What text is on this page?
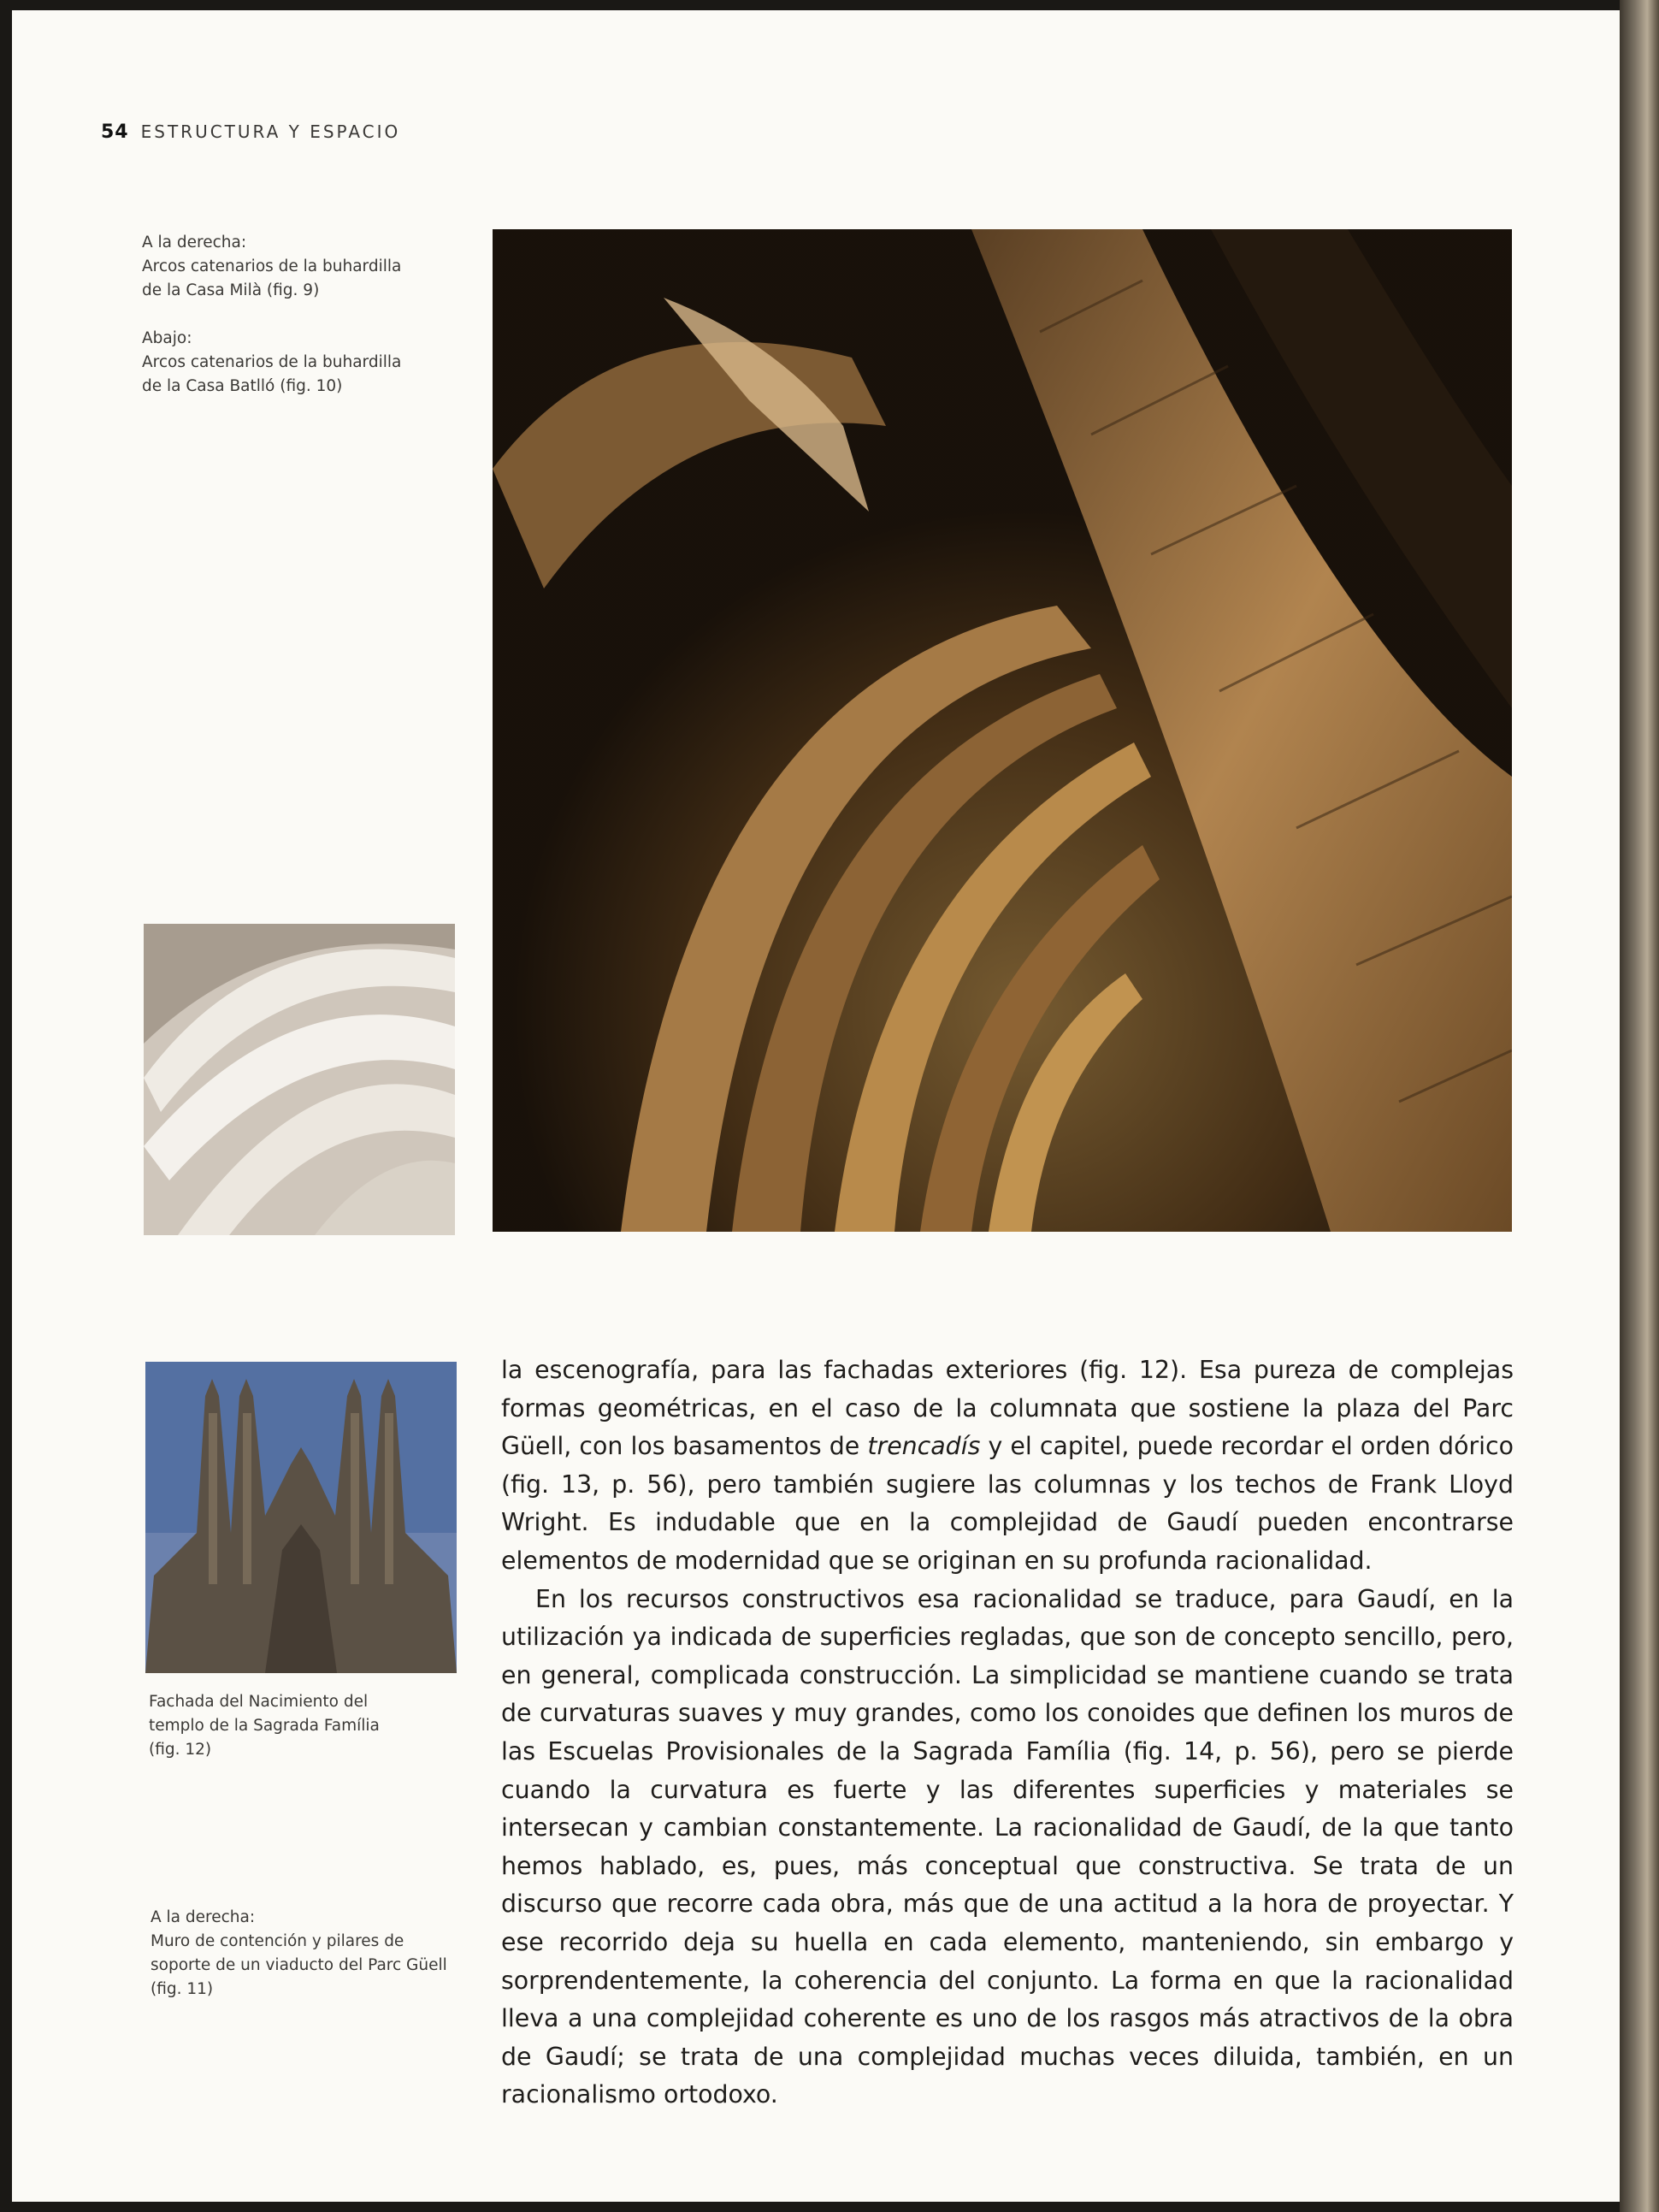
54 ESTRUCTURA Y ESPACIO
A la derecha:
Arcos catenarios de la buhardilla
de la Casa Milà (fig. 9)
Abajo:
Arcos catenarios de la buhardilla
de la Casa Batlló (fig. 10)
Fachada del Nacimiento del
templo de la Sagrada Família
(fig. 12)
A la derecha:
Muro de contención y pilares de
soporte de un viaducto del Parc Güell
(fig. 11)

la escenografía, para las fachadas exteriores (fig. 12). Esa pureza de complejas formas geométricas, en el caso de la columnata que sostiene la plaza del Parc Güell, con los basamentos de trencadís y el capitel, puede recordar el orden dórico (fig. 13, p. 56), pero también sugiere las columnas y los techos de Frank Lloyd Wright. Es indudable que en la complejidad de Gaudí pueden encontrarse elementos de modernidad que se originan en su profunda racionalidad.

En los recursos constructivos esa racionalidad se traduce, para Gaudí, en la utilización ya indicada de superficies regladas, que son de concepto sencillo, pero, en general, complicada construcción. La simplicidad se mantiene cuando se trata de curvaturas suaves y muy grandes, como los conoides que definen los muros de las Escuelas Provisionales de la Sagrada Família (fig. 14, p. 56), pero se pierde cuando la curvatura es fuerte y las diferentes superficies y materiales se intersecan y cambian constantemente. La racionalidad de Gaudí, de la que tanto hemos hablado, es, pues, más conceptual que constructiva. Se trata de un discurso que recorre cada obra, más que de una actitud a la hora de proyectar. Y ese recorrido deja su huella en cada elemento, manteniendo, sin embargo y sorprendentemente, la coherencia del conjunto. La forma en que la racionalidad lleva a una complejidad coherente es uno de los rasgos más atractivos de la obra de Gaudí; se trata de una complejidad muchas veces diluida, también, en un racionalismo ortodoxo.
